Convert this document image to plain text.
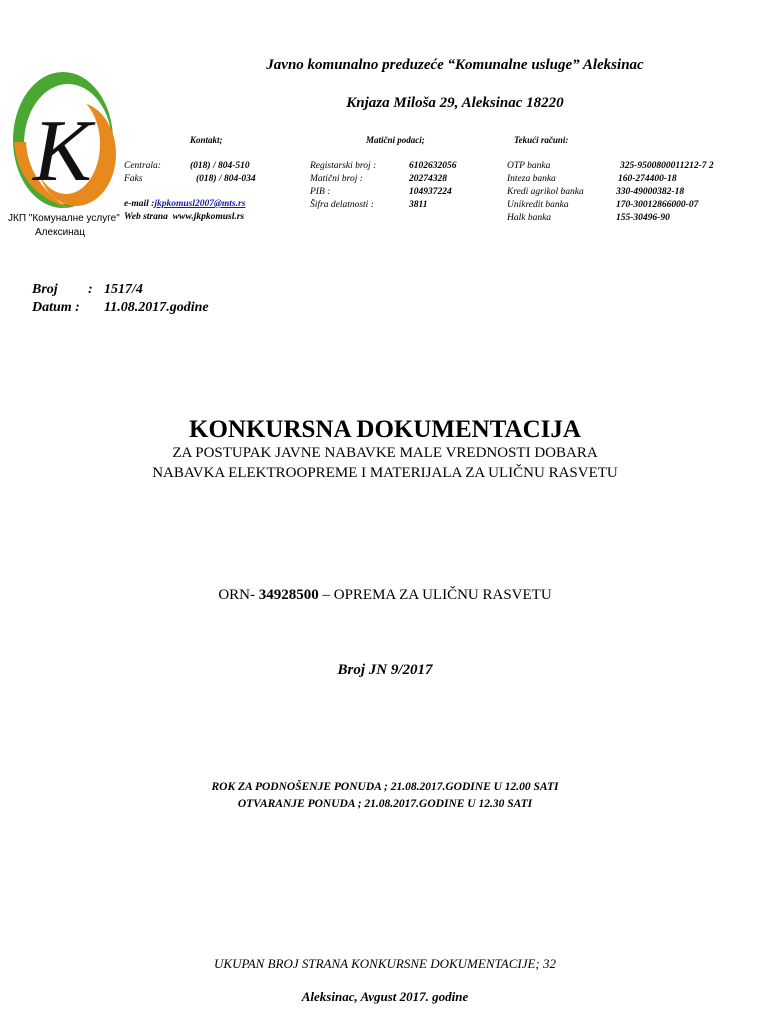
K
ЈКП "Комуналне услуге"
Алексинац
Javno komunalno preduzeće “Komunalne usluge” Aleksinac
Knjaza Miloša 29, Aleksinac 18220
Kontakt;
Centrala:	(018) / 804-510
Faks	(018) / 804-034
e-mail :jkpkomusl2007@mts.rs
Web strana www.jkpkomusl.rs
Matični podaci;
Registarski broj :
Matični broj :
PIB :
Šifra delatnosti :
6102632056
20274328
104937224
3811
Tekući računi:
OTP banka
Inteza banka
Kredi agrikol banka
Unikredit banka
Halk banka
325-9500800011212-7 2
160-274400-18
330-49000382-18
170-30012866000-07
155-30496-90
Broj : 1517/4
Datum : 11.08.2017.godine
KONKURSNA DOKUMENTACIJA
ZA POSTUPAK JAVNE NABAVKE MALE VREDNOSTI DOBARA
NABAVKA ELEKTROOPREME I MATERIJALA ZA ULIČNU RASVETU
ORN- 34928500 – OPREMA ZA ULIČNU RASVETU
Broj JN 9/2017
ROK ZA PODNOŠENJE PONUDA ; 21.08.2017.GODINE U 12.00 SATI
OTVARANJE PONUDA ; 21.08.2017.GODINE U 12.30 SATI
UKUPAN BROJ STRANA KONKURSNE DOKUMENTACIJE; 32
Aleksinac, Avgust 2017. godine
